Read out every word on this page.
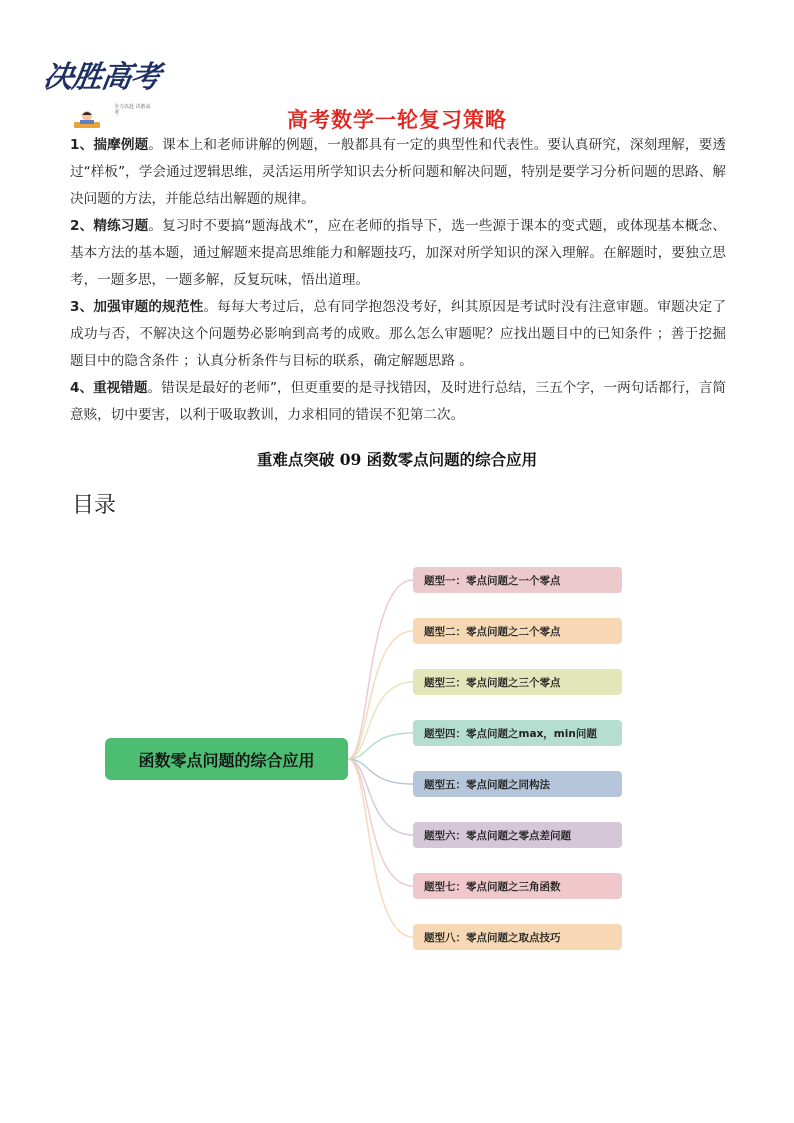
决胜高考
全力以赴 决胜高考	高考数学一轮复习策略

1、揣摩例题。课本上和老师讲解的例题，一般都具有一定的典型性和代表性。要认真研究，深刻理解，要透过“样板”，学会通过逻辑思维，灵活运用所学知识去分析问题和解决问题，特别是要学习分析问题的思路、解决问题的方法，并能总结出解题的规律。

2、精练习题。复习时不要搞“题海战术”，应在老师的指导下，选一些源于课本的变式题，或体现基本概念、基本方法的基本题，通过解题来提高思维能力和解题技巧，加深对所学知识的深入理解。在解题时，要独立思考，一题多思，一题多解，反复玩味，悟出道理。

3、加强审题的规范性。每每大考过后，总有同学抱怨没考好，纠其原因是考试时没有注意审题。审题决定了成功与否，不解决这个问题势必影响到高考的成败。那么怎么审题呢？应找出题目中的已知条件 ；善于挖掘题目中的隐含条件 ；认真分析条件与目标的联系，确定解题思路 。

4、重视错题。错误是最好的老师”，但更重要的是寻找错因，及时进行总结，三五个字，一两句话都行，言简意赅，切中要害，以利于吸取教训，力求相同的错误不犯第二次。

重难点突破 09 函数零点问题的综合应用
目录
函数零点问题的综合应用
题型一：零点问题之一个零点
题型二：零点问题之二个零点
题型三：零点问题之三个零点
题型四：零点问题之max，min问题
题型五：零点问题之同构法
题型六：零点问题之零点差问题
题型七：零点问题之三角函数
题型八：零点问题之取点技巧
